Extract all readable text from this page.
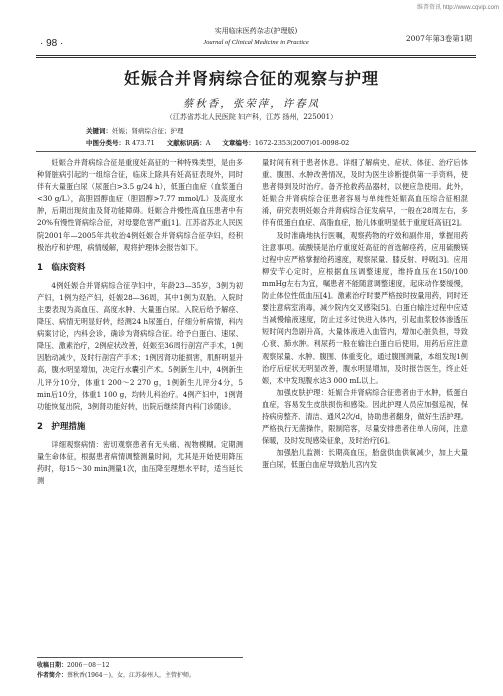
维普资讯 http://www.cqvip.com
· 98 ·
实用临床医药杂志(护理版)
Journal of Clinical Medicine in Practice	2007年第3卷第1期
妊娠合并肾病综合征的观察与护理
蔡秋香，张荣萍，许春凤
（江苏省苏北人民医院 妇产科，江苏 扬州，225001）
关键词：妊娠；肾病综合征；护理
中图分类号：R 473.71 文献标识码：A 文章编号：1672-2353(2007)01-0098-02

妊娠合并肾病综合征是重度妊高征的一种特殊类型，是由多种肾脏病引起的一组综合征，临床上除具有妊高征表现外，同时伴有大量蛋白尿（尿蛋白>3.5 g/24 h），低蛋白血症（血浆蛋白<30 g/L），高胆固醇血症（胆固醇>7.77 mmol/L）及高度水肿，后期出现贫血及肾功能障碍。妊娠合并慢性高血压患者中有20%有慢性肾病综合征，对母婴危害严重[1]。江苏省苏北人民医院2001年—2005年共收治4例妊娠合并肾病综合征孕妇，经积极治疗和护理，病情缓解，观将护理体会报告如下。

1　临床资料

4例妊娠合并肾病综合征孕妇中，年龄23—35岁，3例为初产妇，1例为经产妇，妊娠28—36周，其中1例为双胎。入院时主要表现为高血压、高度水肿、大量蛋白尿。入院后给予解痉、降压、病情无明显好转，经测24 h尿蛋白，仔细分析病情，科内病案讨论，内科会诊，确诊为肾病综合征。给予白蛋白、速尿、降压、激素治疗，2例症状改善，妊娠至36周行剖宫产手术，1例因胎动减少，及时行剖宫产手术；1例因肾功能损害，肌酐明显升高，腹水明显增加，决定行水囊引产术。5例新生儿中，4例新生儿评分10分，体重1 200～2 270 g，1例新生儿评分4分，5 min后10分，体重1 100 g，均转儿科治疗。4例产妇中，1例肾功能恢复出院，3例肾功能好转，出院后继续肾内科门诊随诊。

2　护理措施

详细观察病情：密切观察患者有无头痛、视物模糊。定期测量生命体征，根据患者病情调整测量时间，尤其是开始使用降压药时，每15～30 min测量1次，血压降至理想水平时，适当延长测

量时间有利于患者休息。详细了解病史、症状、体征、治疗后体重、腹围、水肿改善情况，及时为医生诊断提供第一手资料，使患者得到及时治疗。备齐抢救药品器材，以便应急使用。此外，妊娠合并肾病综合征患者容易与单纯性妊娠高血压综合征相混淆，研究表明妊娠合并肾病综合征发病早，一般在28周左右，多伴有低蛋白血症、高脂血症，胎儿体重明显低于重度妊高征[2]。

及时准确地执行医嘱，观察药物的疗效和副作用，掌握用药注意事项。硫酸镁是治疗重度妊高征的首选解痉药，应用硫酸镁过程中应严格掌握给药速度，观察尿量、膝反射、呼吸[3]。应用柳安苄心定时，应根据血压调整速度，维持血压在150/100 mmHg左右为宜，嘱患者不能随意调整速度，起床动作要缓慢，防止体位性低血压[4]。激素治疗时要严格按时按量用药，同时还要注意病室消毒，减少院内交叉感染[5]。白蛋白输注过程中应适当减慢输液速度，防止过多过快进入体内，引起血浆胶体渗透压短时间内急剧升高，大量体液进入血管内，增加心脏负担，导致心衰、肺水肿。利尿药一般在输注白蛋白后使用，用药后应注意观察尿量、水肿、腹围、体重变化，通过腹围测量，本组发现1例治疗后症状无明显改善，腹水明显增加，及时报告医生，终止妊娠，术中发现腹水达3 000 mL以上。

加强皮肤护理：妊娠合并肾病综合征患者由于水肿，低蛋白血症，容易发生皮肤损伤和感染。因此护理人员应加强巡视，保持病房整齐、清洁、通风2次/d，协助患者翻身，做好生活护理。严格执行无菌操作，限制陪客，尽量安排患者住单人房间，注意保暖，及时发现感染征象，及时治疗[6]。

加强胎儿监测：长期高血压，胎盘供血供氧减少，加上大量蛋白尿，低蛋白血症导致胎儿宫内发

收稿日期：2006－08－12
作者简介：蔡秋香(1964－)，女，江苏泰州人，主管护师。
